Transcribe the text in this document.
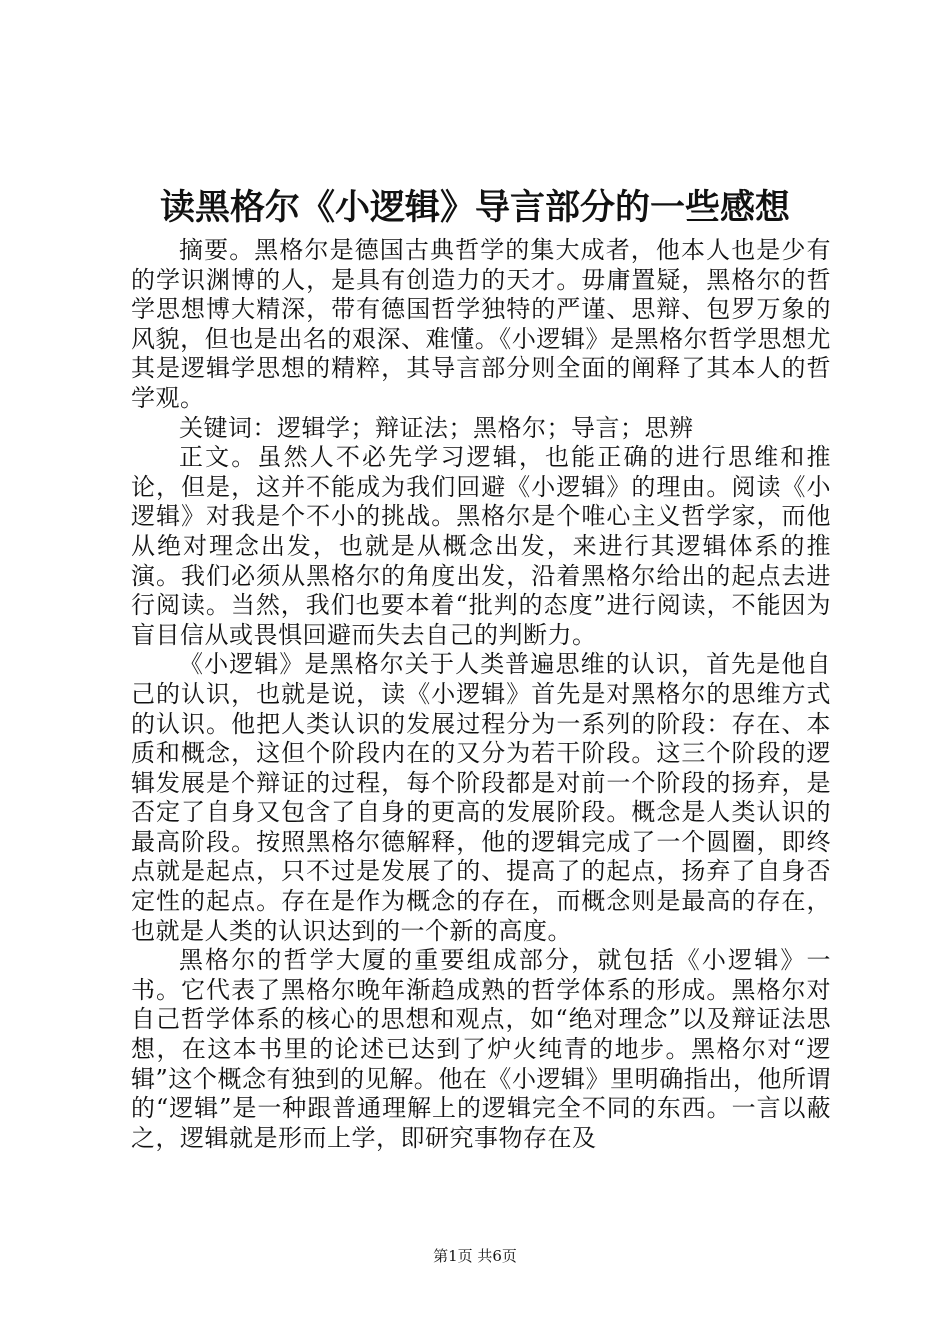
读黑格尔《小逻辑》导言部分的一些感想

摘要。黑格尔是德国古典哲学的集大成者，他本人也是少有的学识渊博的人，是具有创造力的天才。毋庸置疑，黑格尔的哲学思想博大精深，带有德国哲学独特的严谨、思辩、包罗万象的风貌，但也是出名的艰深、难懂。《小逻辑》是黑格尔哲学思想尤其是逻辑学思想的精粹，其导言部分则全面的阐释了其本人的哲学观。

关键词：逻辑学；辩证法；黑格尔；导言；思辨

正文。虽然人不必先学习逻辑，也能正确的进行思维和推论，但是，这并不能成为我们回避《小逻辑》的理由。阅读《小逻辑》对我是个不小的挑战。黑格尔是个唯心主义哲学家，而他从绝对理念出发，也就是从概念出发，来进行其逻辑体系的推演。我们必须从黑格尔的角度出发，沿着黑格尔给出的起点去进行阅读。当然，我们也要本着“批判的态度”进行阅读，不能因为盲目信从或畏惧回避而失去自己的判断力。

《小逻辑》是黑格尔关于人类普遍思维的认识，首先是他自己的认识，也就是说，读《小逻辑》首先是对黑格尔的思维方式的认识。他把人类认识的发展过程分为一系列的阶段：存在、本质和概念，这但个阶段内在的又分为若干阶段。这三个阶段的逻辑发展是个辩证的过程，每个阶段都是对前一个阶段的扬弃，是否定了自身又包含了自身的更高的发展阶段。概念是人类认识的最高阶段。按照黑格尔德解释，他的逻辑完成了一个圆圈，即终点就是起点，只不过是发展了的、提高了的起点，扬弃了自身否定性的起点。存在是作为概念的存在，而概念则是最高的存在，也就是人类的认识达到的一个新的高度。

黑格尔的哲学大厦的重要组成部分，就包括《小逻辑》一书。它代表了黑格尔晚年渐趋成熟的哲学体系的形成。黑格尔对自己哲学体系的核心的思想和观点，如“绝对理念”以及辩证法思想，在这本书里的论述已达到了炉火纯青的地步。黑格尔对“逻辑”这个概念有独到的见解。他在《小逻辑》里明确指出，他所谓的“逻辑”是一种跟普通理解上的逻辑完全不同的东西。一言以蔽之，逻辑就是形而上学，即研究事物存在及

第1页 共6页
